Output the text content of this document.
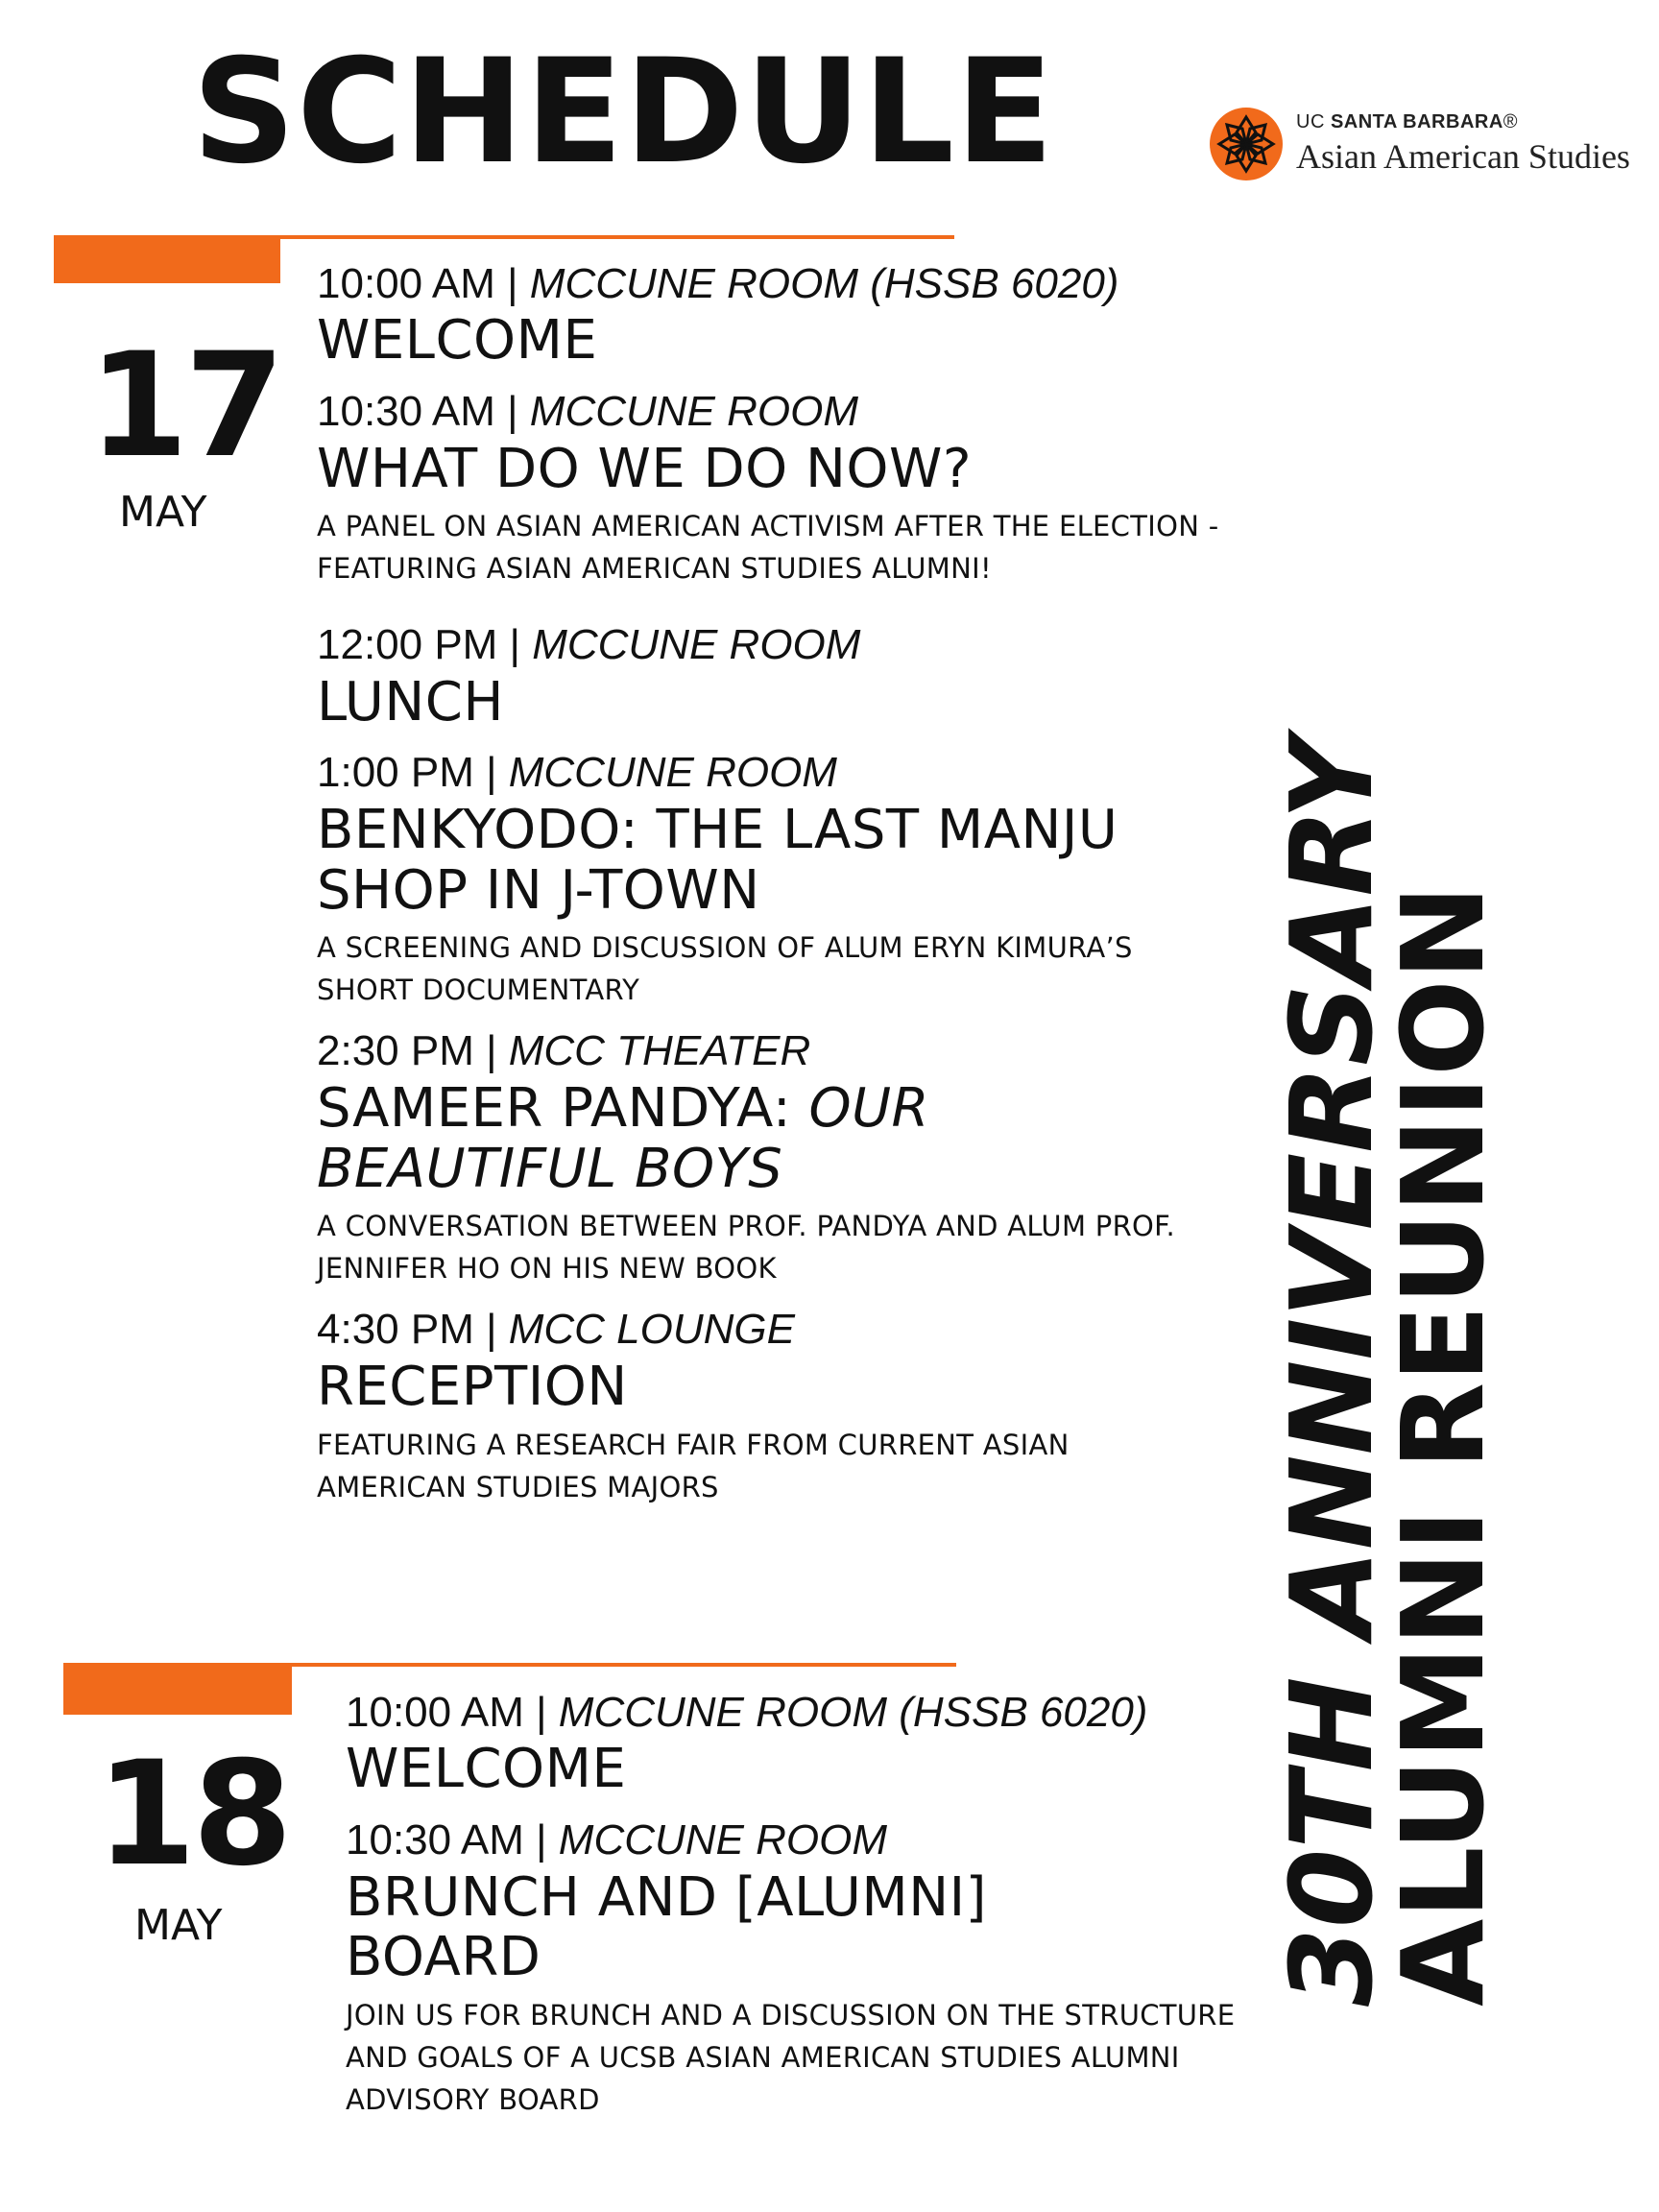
SCHEDULE	UC SANTA BARBARA®
Asian American Studies
17
MAY
10:00 AM | MCCUNE ROOM (HSSB 6020)
WELCOME
10:30 AM | MCCUNE ROOM
WHAT DO WE DO NOW?
A PANEL ON ASIAN AMERICAN ACTIVISM AFTER THE ELECTION - FEATURING ASIAN AMERICAN STUDIES ALUMNI!
12:00 PM | MCCUNE ROOM
LUNCH
1:00 PM | MCCUNE ROOM
BENKYODO: THE LAST MANJU SHOP IN J-TOWN
A SCREENING AND DISCUSSION OF ALUM ERYN KIMURA’S SHORT DOCUMENTARY
2:30 PM | MCC THEATER
SAMEER PANDYA: OUR BEAUTIFUL BOYS
A CONVERSATION BETWEEN PROF. PANDYA AND ALUM PROF. JENNIFER HO ON HIS NEW BOOK
4:30 PM | MCC LOUNGE
RECEPTION
FEATURING A RESEARCH FAIR FROM CURRENT ASIAN AMERICAN STUDIES MAJORS
18
MAY
10:00 AM | MCCUNE ROOM (HSSB 6020)
WELCOME
10:30 AM | MCCUNE ROOM
BRUNCH AND [ALUMNI] BOARD
JOIN US FOR BRUNCH AND A DISCUSSION ON THE STRUCTURE AND GOALS OF A UCSB ASIAN AMERICAN STUDIES ALUMNI ADVISORY BOARD
30TH ANNIVERSARY
ALUMNI REUNION
